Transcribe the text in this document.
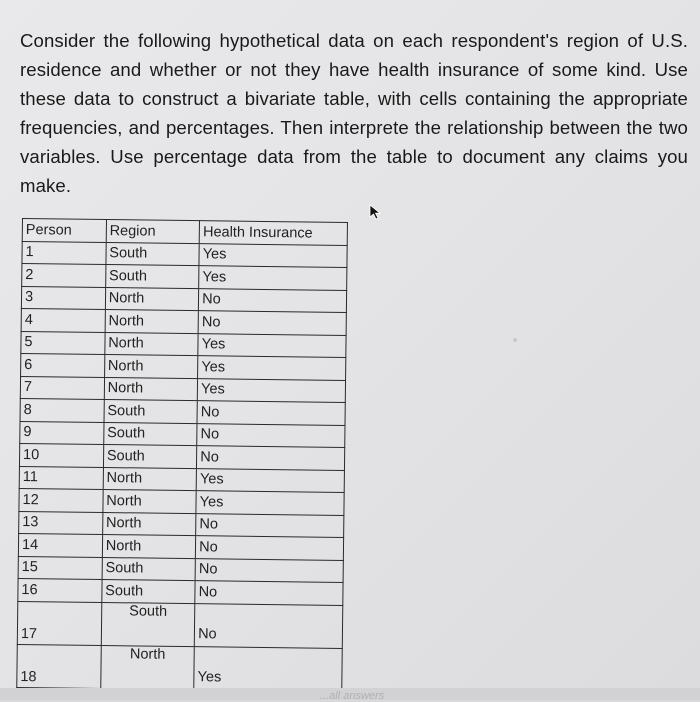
Consider the following hypothetical data on each respondent's region of U.S. residence and whether or not they have health insurance of some kind. Use these data to construct a bivariate table, with cells containing the appropriate frequencies, and percentages. Then interprete the relationship between the two variables. Use percentage data from the table to document any claims you make.
Person	Region	Health Insurance
1	South	Yes
2	South	Yes
3	North	No
4	North	No
5	North	Yes
6	North	Yes
7	North	Yes
8	South	No
9	South	No
10	South	No
11	North	Yes
12	North	Yes
13	North	No
14	North	No
15	South	No
16	South	No
17	South	No
18	North	Yes
...all answers
